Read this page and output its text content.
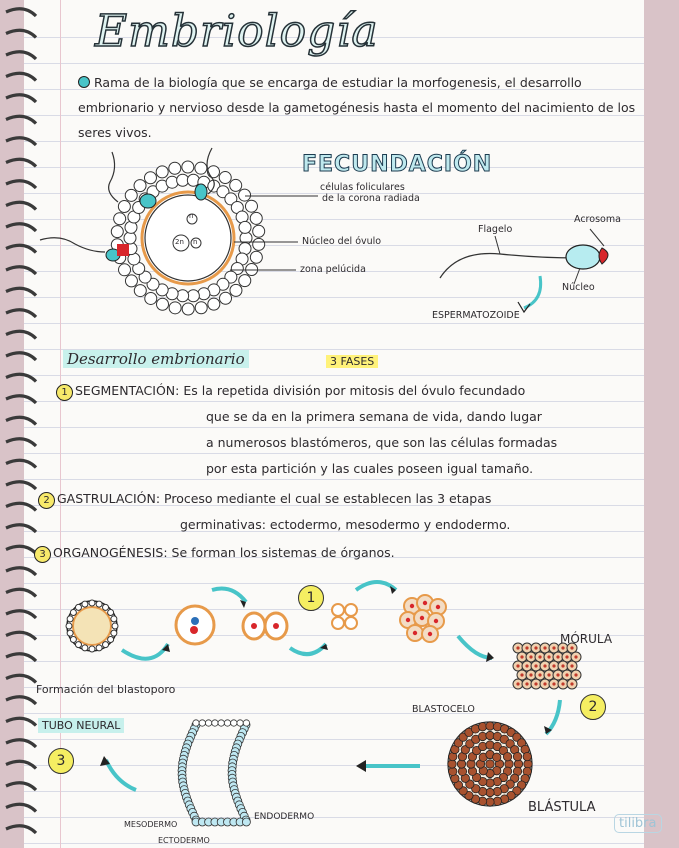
Embriología
Rama de la biología que se encarga de estudiar la morfogenesis, el desarrollo embrionario y nervioso desde la gametogénesis hasta el momento del nacimiento de los seres vivos.
FECUNDACIÓN
células foliculares
de la corona radiada
Núcleo del óvulo
zona pelúcida
n
2n n
Flagelo
Acrosoma
Núcleo
ESPERMATOZOIDE
Desarrollo embrionario	3 FASES
1 SEGMENTACIÓN: Es la repetida división por mitosis del óvulo fecundado
que se da en la primera semana de vida, dando lugar
a numerosos blastómeros, que son las células formadas
por esta partición y las cuales poseen igual tamaño.
2 GASTRULACIÓN: Proceso mediante el cual se establecen las 3 etapas
germinativas: ectodermo, mesodermo y endodermo.
3 ORGANOGÉNESIS: Se forman los sistemas de órganos.
1
2
3
MÓRULA
BLASTOCELO
BLÁSTULA
Formación del blastoporo
TUBO NEURAL
MESODERMO
ENDODERMO
ECTODERMO
tilibra
